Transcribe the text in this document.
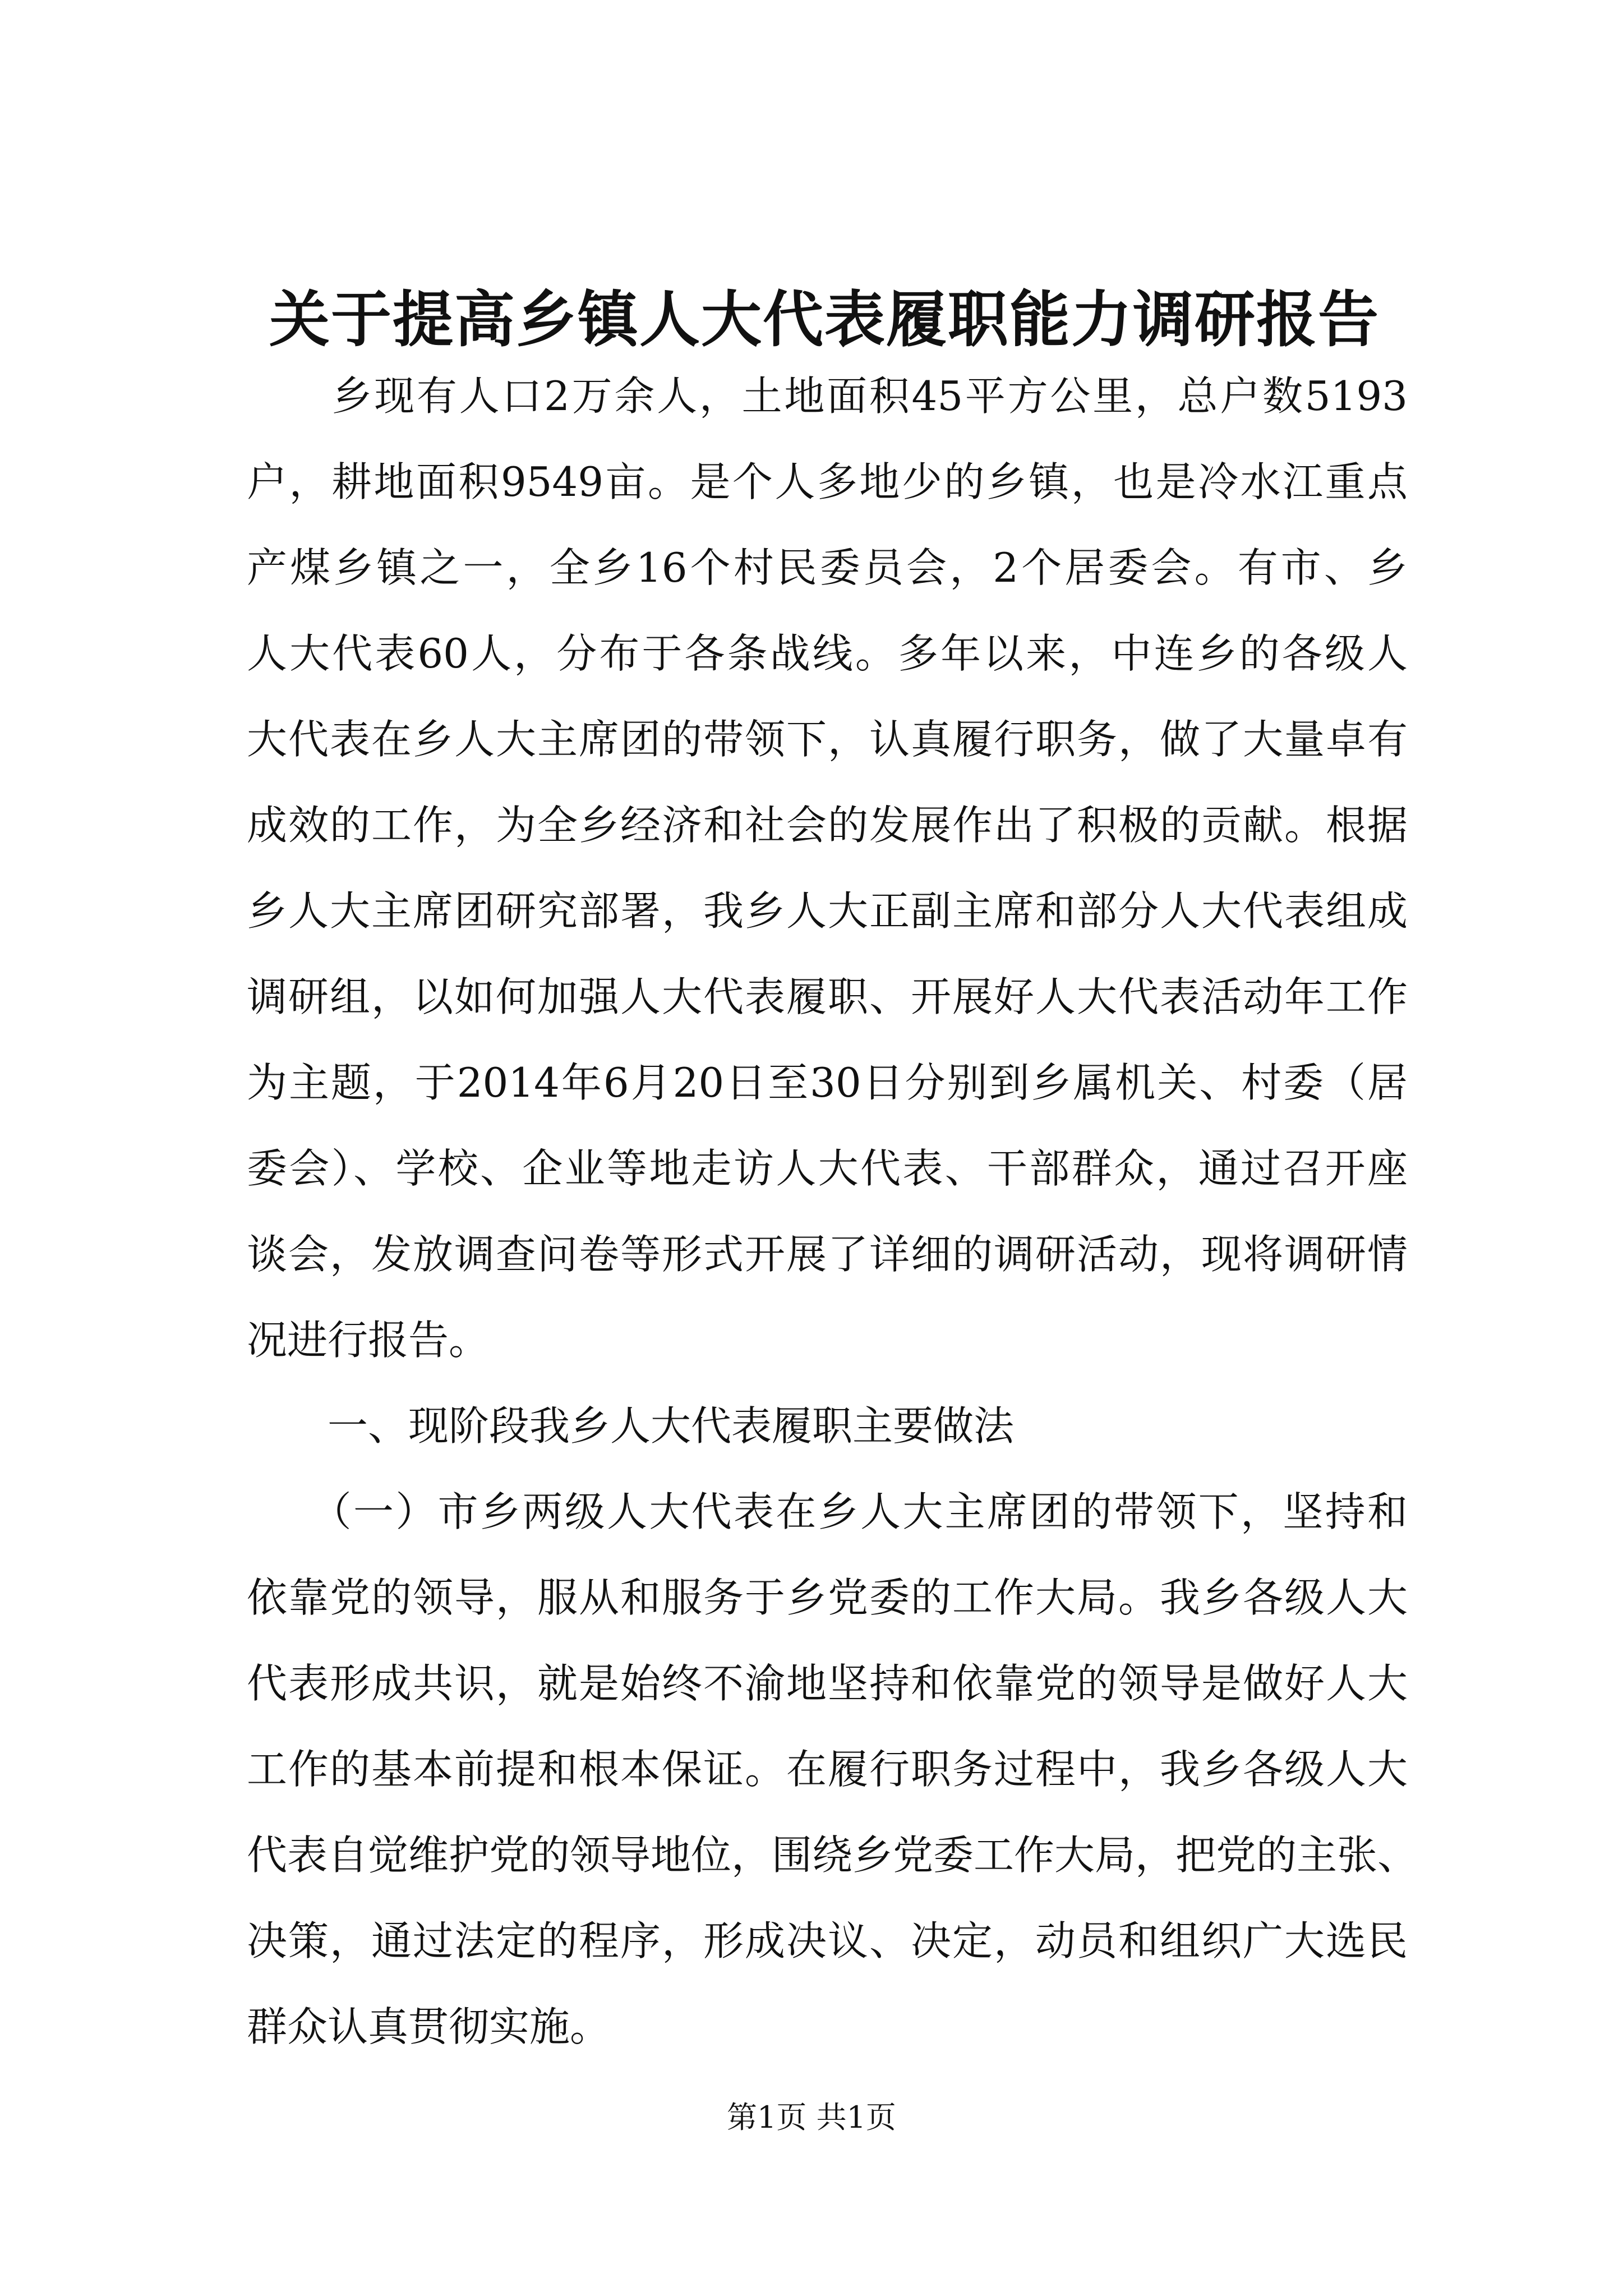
关于提高乡镇人大代表履职能力调研报告
　　乡现有人口2万余人，土地面积45平方公里，总户数5193
户，耕地面积9549亩。是个人多地少的乡镇，也是冷水江重点
产煤乡镇之一，全乡16个村民委员会，2个居委会。有市、乡
人大代表60人，分布于各条战线。多年以来，中连乡的各级人
大代表在乡人大主席团的带领下，认真履行职务，做了大量卓有
成效的工作，为全乡经济和社会的发展作出了积极的贡献。根据
乡人大主席团研究部署，我乡人大正副主席和部分人大代表组成
调研组，以如何加强人大代表履职、开展好人大代表活动年工作
为主题，于2014年6月20日至30日分别到乡属机关、村委（居
委会）、学校、企业等地走访人大代表、干部群众，通过召开座
谈会，发放调查问卷等形式开展了详细的调研活动，现将调研情
况进行报告。
　　一、现阶段我乡人大代表履职主要做法
　　（一）市乡两级人大代表在乡人大主席团的带领下，坚持和
依靠党的领导，服从和服务于乡党委的工作大局。我乡各级人大
代表形成共识，就是始终不渝地坚持和依靠党的领导是做好人大
工作的基本前提和根本保证。在履行职务过程中，我乡各级人大
代表自觉维护党的领导地位，围绕乡党委工作大局，把党的主张、
决策，通过法定的程序，形成决议、决定，动员和组织广大选民
群众认真贯彻实施。
第1页 共1页
